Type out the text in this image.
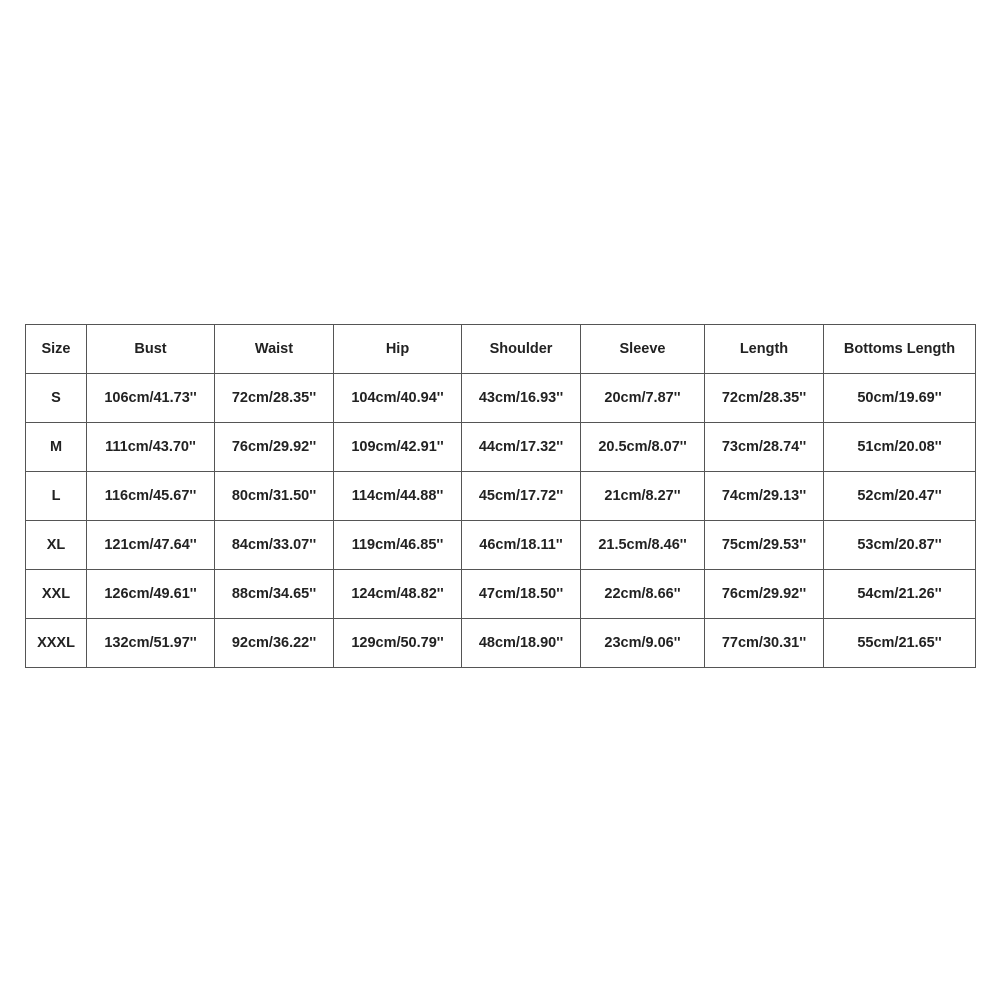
Size	Bust	Waist	Hip	Shoulder	Sleeve	Length	Bottoms Length
S	106cm/41.73''	72cm/28.35''	104cm/40.94''	43cm/16.93''	20cm/7.87''	72cm/28.35''	50cm/19.69''
M	111cm/43.70''	76cm/29.92''	109cm/42.91''	44cm/17.32''	20.5cm/8.07''	73cm/28.74''	51cm/20.08''
L	116cm/45.67''	80cm/31.50''	114cm/44.88''	45cm/17.72''	21cm/8.27''	74cm/29.13''	52cm/20.47''
XL	121cm/47.64''	84cm/33.07''	119cm/46.85''	46cm/18.11''	21.5cm/8.46''	75cm/29.53''	53cm/20.87''
XXL	126cm/49.61''	88cm/34.65''	124cm/48.82''	47cm/18.50''	22cm/8.66''	76cm/29.92''	54cm/21.26''
XXXL	132cm/51.97''	92cm/36.22''	129cm/50.79''	48cm/18.90''	23cm/9.06''	77cm/30.31''	55cm/21.65''
